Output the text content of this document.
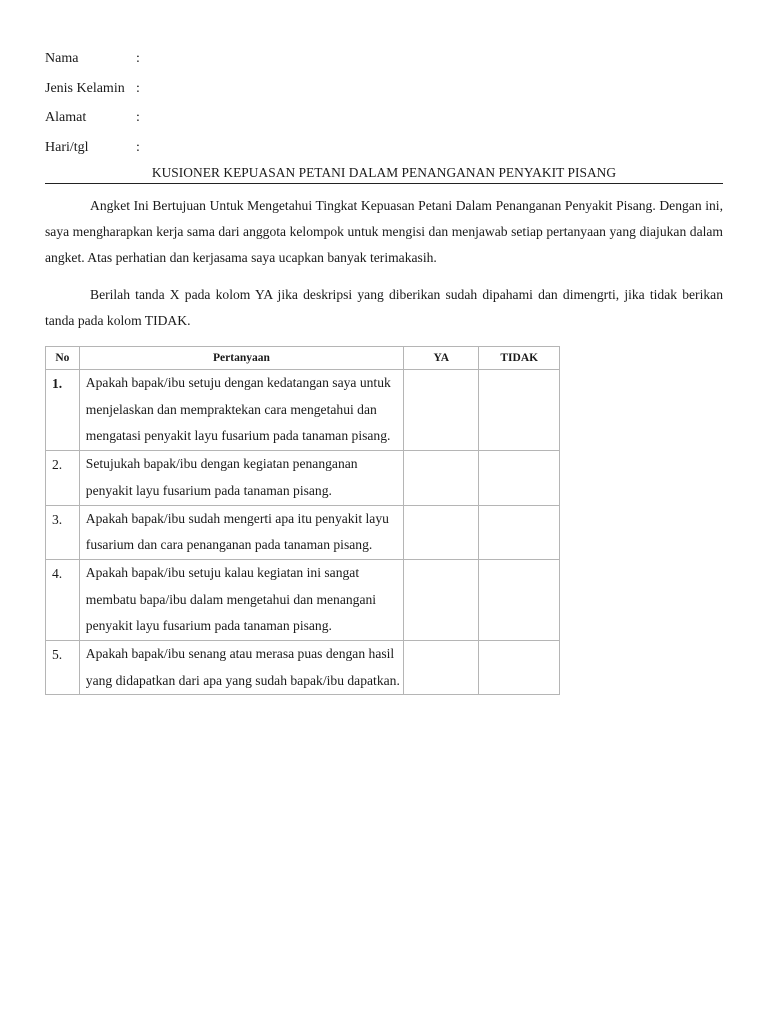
Nama	:
Jenis Kelamin :
Alamat	:
Hari/tgl	:
KUSIONER KEPUASAN PETANI DALAM PENANGANAN PENYAKIT PISANG

Angket Ini Bertujuan Untuk Mengetahui Tingkat Kepuasan Petani Dalam Penanganan Penyakit Pisang. Dengan ini, saya mengharapkan kerja sama dari anggota kelompok untuk mengisi dan menjawab setiap pertanyaan yang diajukan dalam angket. Atas perhatian dan kerjasama saya ucapkan banyak terimakasih.

Berilah tanda X pada kolom YA jika deskripsi yang diberikan sudah dipahami dan dimengrti, jika tidak berikan tanda pada kolom TIDAK.

No	Pertanyaan	YA	TIDAK
1.	Apakah bapak/ibu setuju dengan kedatangan saya untuk menjelaskan dan mempraktekan cara mengetahui dan mengatasi penyakit layu fusarium pada tanaman pisang.		
2.	Setujukah bapak/ibu dengan kegiatan penanganan penyakit layu fusarium pada tanaman pisang.		
3.	Apakah bapak/ibu sudah mengerti apa itu penyakit layu fusarium dan cara penanganan pada tanaman pisang.		
4.	Apakah bapak/ibu setuju kalau kegiatan ini sangat membatu bapa/ibu dalam mengetahui dan menangani penyakit layu fusarium pada tanaman pisang.		
5.	Apakah bapak/ibu senang atau merasa puas dengan hasil yang didapatkan dari apa yang sudah bapak/ibu dapatkan.		
